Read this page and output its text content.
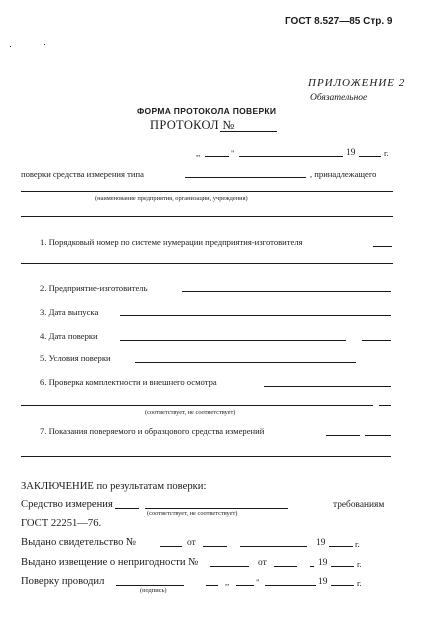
ГОСТ 8.527—85 Стр. 9
ПРИЛОЖЕНИЕ 2
Обязательное
ФОРМА ПРОТОКОЛА ПОВЕРКИ
ПРОТОКОЛ №
,,	"	19	г.
поверки средства измерения типа	, принадлежащего
(наименование предприятия, организации, учреждения)
1. Порядковый номер по системе нумерации предприятия-изготовителя
2. Предприятие-изготовитель
3. Дата выпуска
4. Дата поверки
5. Условия поверки
6. Проверка комплектности и внешнего осмотра
(соответствует, не соответствует)
7. Показания поверяемого и образцового средства измерений
ЗАКЛЮЧЕНИЕ по результатам поверки:
Средство измерения
(соответствует, не соответствует)
требованиям
ГОСТ 22251—76.
Выдано свидетельство №	от	19	г.
Выдано извещение о непригодности №	от	19	г.
Поверку проводил
(подпись)
,,	"	19	г.
